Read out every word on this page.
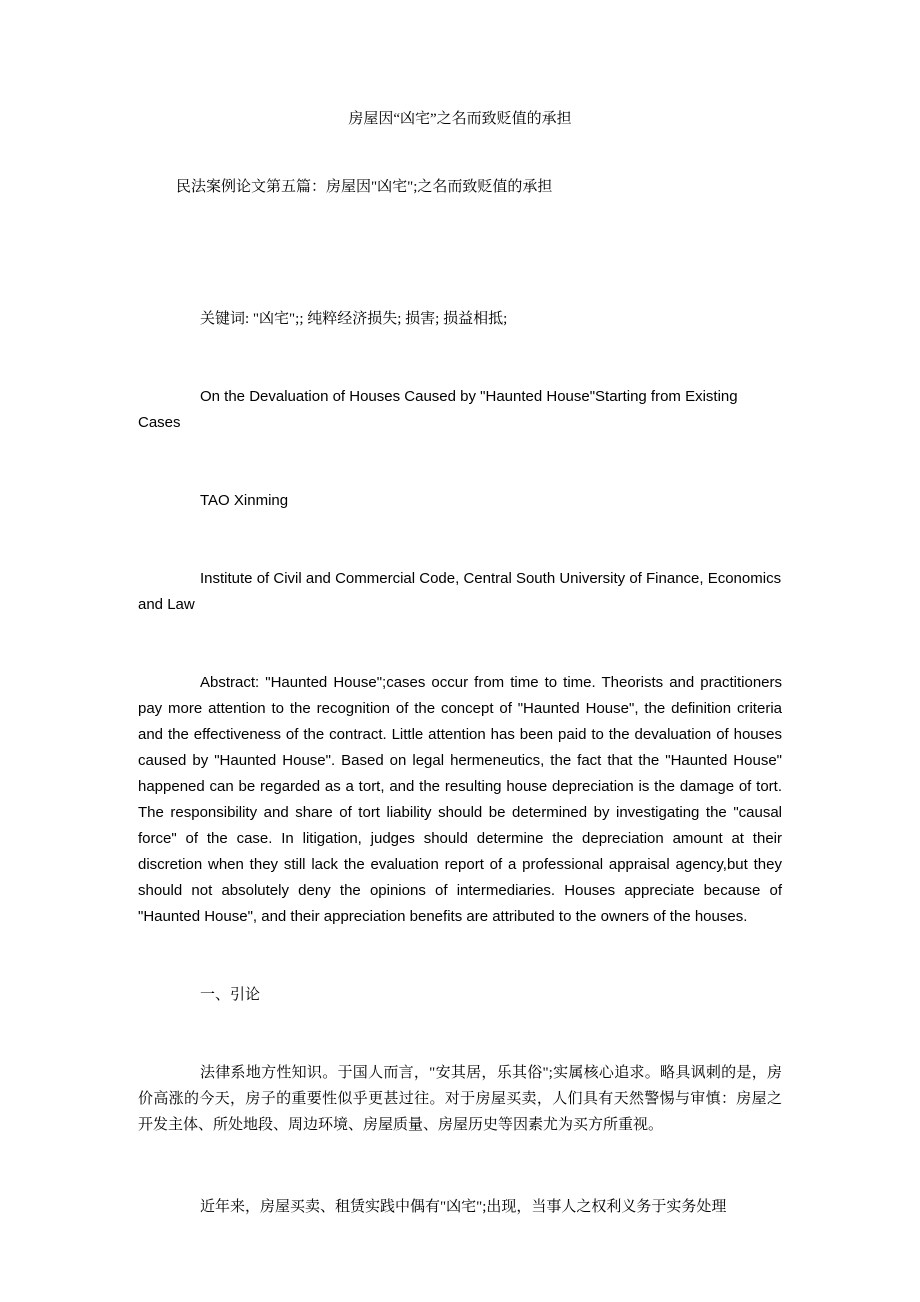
房屋因“凶宅”之名而致贬值的承担

民法案例论文第五篇：房屋因"凶宅";之名而致贬值的承担

关键词: "凶宅";; 纯粹经济损失; 损害; 损益相抵;

On the Devaluation of Houses Caused by "Haunted House"Starting from Existing Cases

TAO Xinming

Institute of Civil and Commercial Code, Central South University of Finance, Economics and Law

Abstract: "Haunted House";cases occur from time to time. Theorists and practitioners pay more attention to the recognition of the concept of "Haunted House", the definition criteria and the effectiveness of the contract. Little attention has been paid to the devaluation of houses caused by "Haunted House". Based on legal hermeneutics, the fact that the "Haunted House" happened can be regarded as a tort, and the resulting house depreciation is the damage of tort. The responsibility and share of tort liability should be determined by investigating the "causal force" of the case. In litigation, judges should determine the depreciation amount at their discretion when they still lack the evaluation report of a professional appraisal agency,but they should not absolutely deny the opinions of intermediaries. Houses appreciate because of "Haunted House", and their appreciation benefits are attributed to the owners of the houses.

一、引论

法律系地方性知识。于国人而言，"安其居，乐其俗";实属核心追求。略具讽刺的是，房价高涨的今天，房子的重要性似乎更甚过往。对于房屋买卖，人们具有天然警惕与审慎：房屋之开发主体、所处地段、周边环境、房屋质量、房屋历史等因素尤为买方所重视。

近年来，房屋买卖、租赁实践中偶有"凶宅";出现，当事人之权利义务于实务处理
